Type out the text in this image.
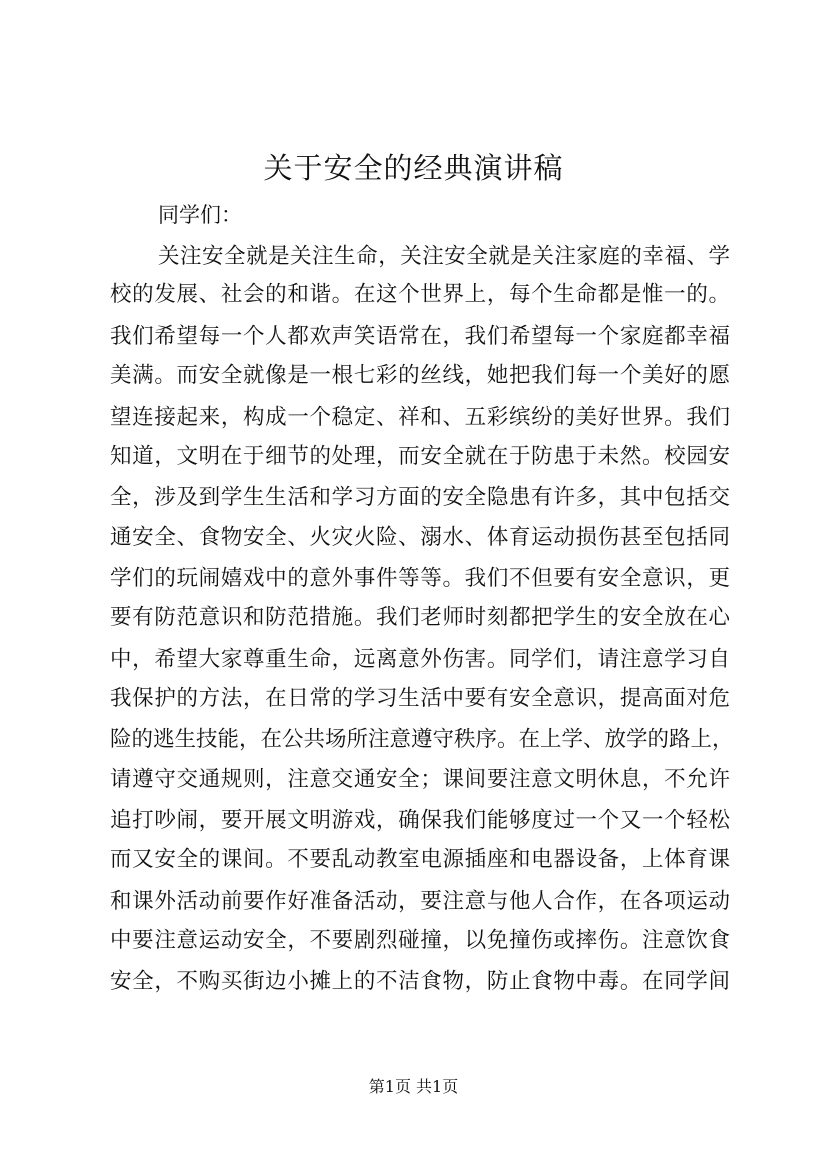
关于安全的经典演讲稿
同学们：
关注安全就是关注生命，关注安全就是关注家庭的幸福、学
校的发展、社会的和谐。在这个世界上，每个生命都是惟一的。
我们希望每一个人都欢声笑语常在，我们希望每一个家庭都幸福
美满。而安全就像是一根七彩的丝线，她把我们每一个美好的愿
望连接起来，构成一个稳定、祥和、五彩缤纷的美好世界。我们
知道，文明在于细节的处理，而安全就在于防患于未然。校园安
全，涉及到学生生活和学习方面的安全隐患有许多，其中包括交
通安全、食物安全、火灾火险、溺水、体育运动损伤甚至包括同
学们的玩闹嬉戏中的意外事件等等。我们不但要有安全意识，更
要有防范意识和防范措施。我们老师时刻都把学生的安全放在心
中，希望大家尊重生命，远离意外伤害。同学们，请注意学习自
我保护的方法，在日常的学习生活中要有安全意识，提高面对危
险的逃生技能，在公共场所注意遵守秩序。在上学、放学的路上，
请遵守交通规则，注意交通安全；课间要注意文明休息，不允许
追打吵闹，要开展文明游戏，确保我们能够度过一个又一个轻松
而又安全的课间。不要乱动教室电源插座和电器设备，上体育课
和课外活动前要作好准备活动，要注意与他人合作，在各项运动
中要注意运动安全，不要剧烈碰撞，以免撞伤或摔伤。注意饮食
安全，不购买街边小摊上的不洁食物，防止食物中毒。在同学间
第1页 共1页
